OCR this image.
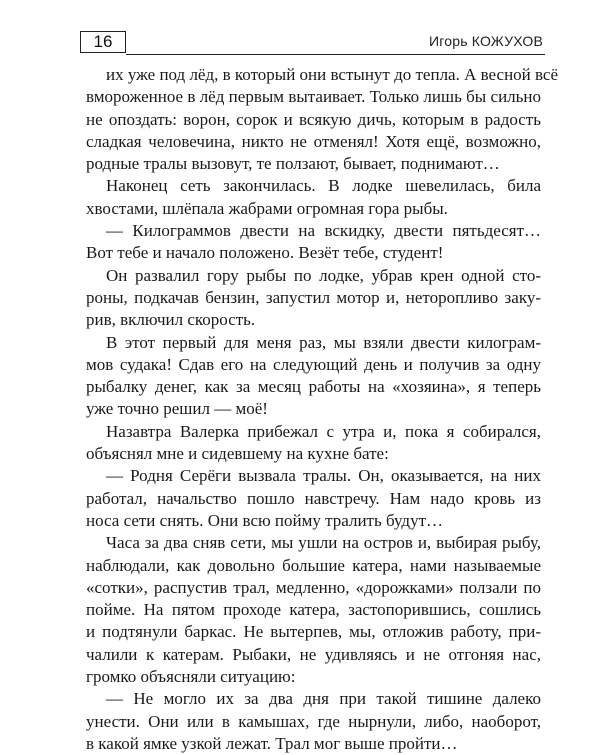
16	Игорь КОЖУХОВ
их уже под лёд, в который они встынут до тепла. А весной всё
вмороженное в лёд первым вытаивает. Только лишь бы сильно
не опоздать: ворон, сорок и всякую дичь, которым в радость
сладкая человечина, никто не отменял! Хотя ещё, возможно,
родные тралы вызовут, те ползают, бывает, поднимают…
Наконец сеть закончилась. В лодке шевелилась, била
хвостами, шлёпала жабрами огромная гора рыбы.
— Килограммов двести на вскидку, двести пятьдесят…
Вот тебе и начало положено. Везёт тебе, студент!
Он развалил гору рыбы по лодке, убрав крен одной сто-
роны, подкачав бензин, запустил мотор и, неторопливо заку-
рив, включил скорость.
В этот первый для меня раз, мы взяли двести килограм-
мов судака! Сдав его на следующий день и получив за одну
рыбалку денег, как за месяц работы на «хозяина», я теперь
уже точно решил — моё!
Назавтра Валерка прибежал с утра и, пока я собирался,
объяснял мне и сидевшему на кухне бате:
— Родня Серёги вызвала тралы. Он, оказывается, на них
работал, начальство пошло навстречу. Нам надо кровь из
носа сети снять. Они всю пойму тралить будут…
Часа за два сняв сети, мы ушли на остров и, выбирая рыбу,
наблюдали, как довольно большие катера, нами называемые
«сотки», распустив трал, медленно, «дорожками» ползали по
пойме. На пятом проходе катера, застопорившись, сошлись
и подтянули баркас. Не вытерпев, мы, отложив работу, при-
чалили к катерам. Рыбаки, не удивляясь и не отгоняя нас,
громко объясняли ситуацию:
— Не могло их за два дня при такой тишине далеко
унести. Они или в камышах, где нырнули, либо, наоборот,
в какой ямке узкой лежат. Трал мог выше пройти…
